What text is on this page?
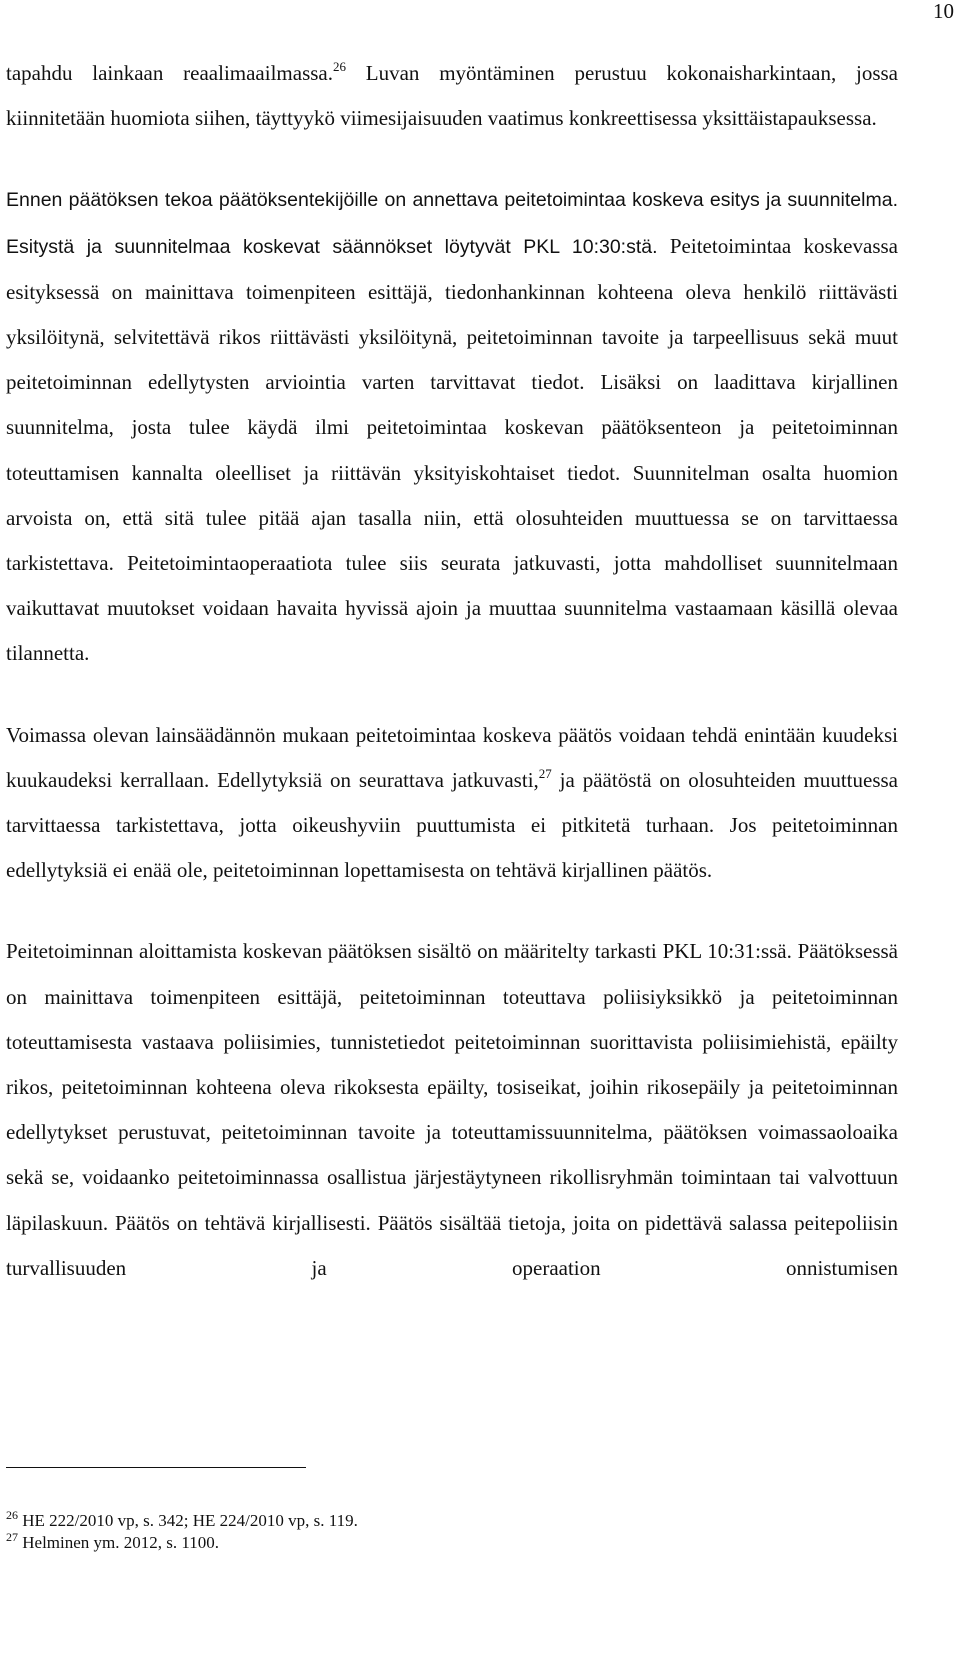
10

tapahdu lainkaan reaalimaailmassa.$^{26}$ Luvan myöntäminen perustuu kokonaisharkintaan, jossa kiinnitetään huomiota siihen, täyttyykö viimesijaisuuden vaatimus konkreettisessa yksittäistapauksessa.

Ennen päätöksen tekoa päätöksentekijöille on annettava peitetoimintaa koskeva esitys ja suunnitelma. Esitystä ja suunnitelmaa koskevat säännökset löytyvät PKL 10:30:stä. Peitetoimintaa koskevassa esityksessä on mainittava toimenpiteen esittäjä, tiedonhankinnan kohteena oleva henkilö riittävästi yksilöitynä, selvitettävä rikos riittävästi yksilöitynä, peitetoiminnan tavoite ja tarpeellisuus sekä muut peitetoiminnan edellytysten arviointia varten tarvittavat tiedot. Lisäksi on laadittava kirjallinen suunnitelma, josta tulee käydä ilmi peitetoimintaa koskevan päätöksenteon ja peitetoiminnan toteuttamisen kannalta oleelliset ja riittävän yksityiskohtaiset tiedot. Suunnitelman osalta huomion arvoista on, että sitä tulee pitää ajan tasalla niin, että olosuhteiden muuttuessa se on tarvittaessa tarkistettava. Peitetoimintaoperaatiota tulee siis seurata jatkuvasti, jotta mahdolliset suunnitelmaan vaikuttavat muutokset voidaan havaita hyvissä ajoin ja muuttaa suunnitelma vastaamaan käsillä olevaa tilannetta.

Voimassa olevan lainsäädännön mukaan peitetoimintaa koskeva päätös voidaan tehdä enintään kuudeksi kuukaudeksi kerrallaan. Edellytyksiä on seurattava jatkuvasti,$^{27}$ ja päätöstä on olosuhteiden muuttuessa tarvittaessa tarkistettava, jotta oikeushyviin puuttumista ei pitkitetä turhaan. Jos peitetoiminnan edellytyksiä ei enää ole, peitetoiminnan lopettamisesta on tehtävä kirjallinen päätös.

Peitetoiminnan aloittamista koskevan päätöksen sisältö on määritelty tarkasti PKL 10:31:ssä. Päätöksessä on mainittava toimenpiteen esittäjä, peitetoiminnan toteuttava poliisiyksikkö ja peitetoiminnan toteuttamisesta vastaava poliisimies, tunnistetiedot peitetoiminnan suorittavista poliisimiehistä, epäilty rikos, peitetoiminnan kohteena oleva rikoksesta epäilty, tosiseikat, joihin rikosepäily ja peitetoiminnan edellytykset perustuvat, peitetoiminnan tavoite ja toteuttamissuunnitelma, päätöksen voimassaoloaika sekä se, voidaanko peitetoiminnassa osallistua järjestäytyneen rikollisryhmän toimintaan tai valvottuun läpilaskuun. Päätös on tehtävä kirjallisesti. Päätös sisältää tietoja, joita on pidettävä salassa peitepoliisin turvallisuuden ja operaation onnistumisen

$^{26}$ HE 222/2010 vp, s. 342; HE 224/2010 vp, s. 119.
$^{27}$ Helminen ym. 2012, s. 1100.
